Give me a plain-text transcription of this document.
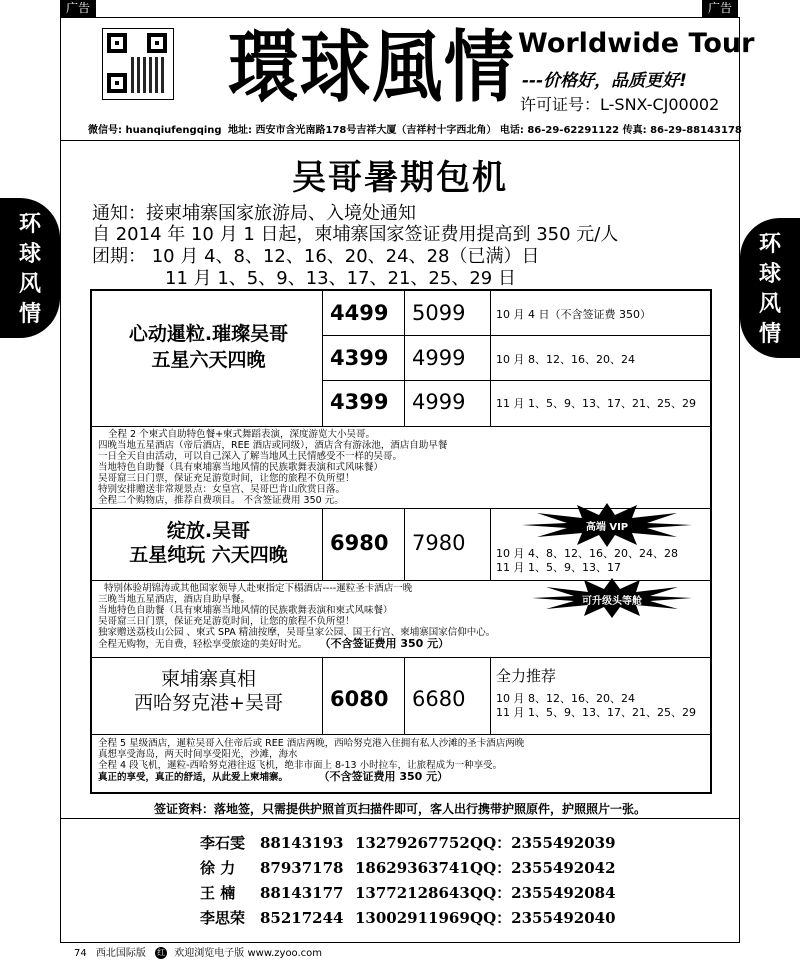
广告	广告
環球風情 Worldwide Tour
---价格好，品质更好!
许可证号：L-SNX-CJ00002
微信号: huanqiufengqing 地址: 西安市含光南路178号吉祥大厦（吉祥村十字西北角） 电话: 86-29-62291122 传真: 86-29-88143178
环
球
风
情
环
球
风
情
吴哥暑期包机
通知：接柬埔寨国家旅游局、入境处通知
自 2014 年 10 月 1 日起，柬埔寨国家签证费用提高到 350 元/人
团期： 10 月 4、8、12、16、20、24、28（已满）日
11 月 1、5、9、13、17、21、25、29 日
心动暹粒.璀璨吴哥
五星六天四晚
4499 5099	10 月 4 日（不含签证费 350）
4399 4999	10 月 8、12、16、20、24
4399 4999	11 月 1、5、9、13、17、21、25、29
全程 2 个柬式自助特色餐+柬式舞蹈表演，深度游览大小吴哥。
四晚当地五星酒店（帝后酒店，REE 酒店或同级），酒店含有游泳池，酒店自助早餐
一日全天自由活动，可以自己深入了解当地风土民情感受不一样的吴哥。
当地特色自助餐（具有柬埔寨当地风情的民族歌舞表演和式风味餐）
吴哥窟三日门票，保证充足游览时间，让您的旅程不负所望！
特别安排赠送非常规景点：女皇宫、吴哥巴肯山欣赏日落。
全程二个购物店，推荐自费项目。 不含签证费用 350 元。
绽放.吴哥
五星纯玩 六天四晚	6980 7980
高端 VIP
10 月 4、8、12、16、20、24、28
11 月 1、5、9、13、17
可升级头等舱
特别体验胡锦涛或其他国家领导人赴柬指定下榻酒店----暹粒圣卡酒店一晚
三晚当地五星酒店，酒店自助早餐。
当地特色自助餐（具有柬埔寨当地风情的民族歌舞表演和柬式风味餐）
吴哥窟三日门票，保证充足游览时间，让您的旅程不负所望！
独家赠送荔枝山公园 、柬式 SPA 精油按摩，吴哥皇家公园、国王行宫、柬埔寨国家信仰中心。
全程无购物，无自费，轻松享受旅途的美好时光。 （不含签证费用 350 元）
柬埔寨真相
西哈努克港+吴哥	6080 6680
全力推荐
10 月 8、12、16、20、24
11 月 1、5、9、13、17、21、25、29
全程 5 星级酒店，暹粒吴哥入住帝后或 REE 酒店两晚，西哈努克港入住拥有私人沙滩的圣卡酒店两晚
真想享受海岛，两天时间享受阳光，沙滩，海水
全程 4 段飞机，暹粒-西哈努克港往返飞机，绝非市面上 8-13 小时拉车，让旅程成为一种享受。
真正的享受，真正的舒适，从此爱上柬埔寨。	（不含签证费用 350 元）
签证资料：落地签，只需提供护照首页扫描件即可，客人出行携带护照原件，护照照片一张。
李石雯 88143193 13279267752QQ：2355492039
徐 力 87937178 18629363741QQ：2355492042
王 楠 88143177 13772128643QQ：2355492084
李思荣 85217244 13002911969QQ：2355492040
74 西北国际版 红 欢迎浏览电子版 www.zyoo.com
